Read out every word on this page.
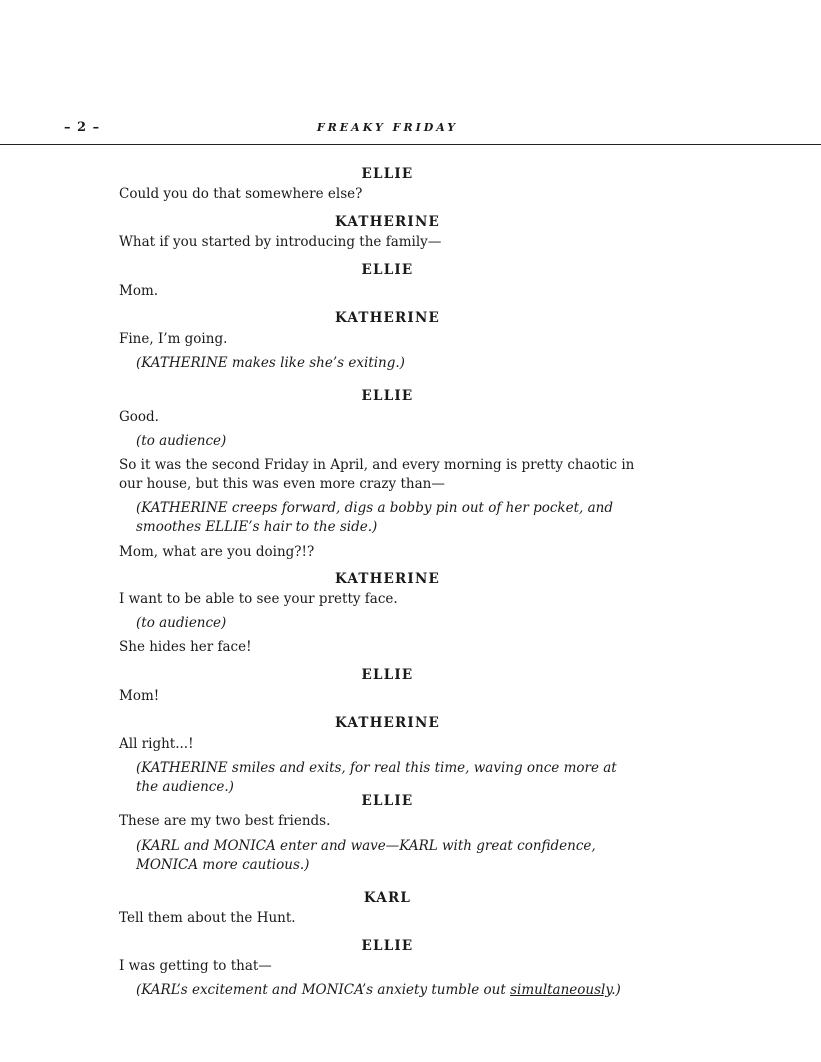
– 2 –	FREAKY FRIDAY
ELLIE
Could you do that somewhere else?
KATHERINE
What if you started by introducing the family—
ELLIE
Mom.
KATHERINE
Fine, I’m going.
(KATHERINE makes like she’s exiting.)
ELLIE
Good.
(to audience)
So it was the second Friday in April, and every morning is pretty chaotic in our house, but this was even more crazy than—
(KATHERINE creeps forward, digs a bobby pin out of her pocket, and smoothes ELLIE’s hair to the side.)
Mom, what are you doing?!?
KATHERINE
I want to be able to see your pretty face.
(to audience)
She hides her face!
ELLIE
Mom!
KATHERINE
All right...!
(KATHERINE smiles and exits, for real this time, waving once more at the audience.)
ELLIE
These are my two best friends.
(KARL and MONICA enter and wave—KARL with great confidence, MONICA more cautious.)
KARL
Tell them about the Hunt.
ELLIE
I was getting to that—
(KARL’s excitement and MONICA’s anxiety tumble out simultaneously.)
